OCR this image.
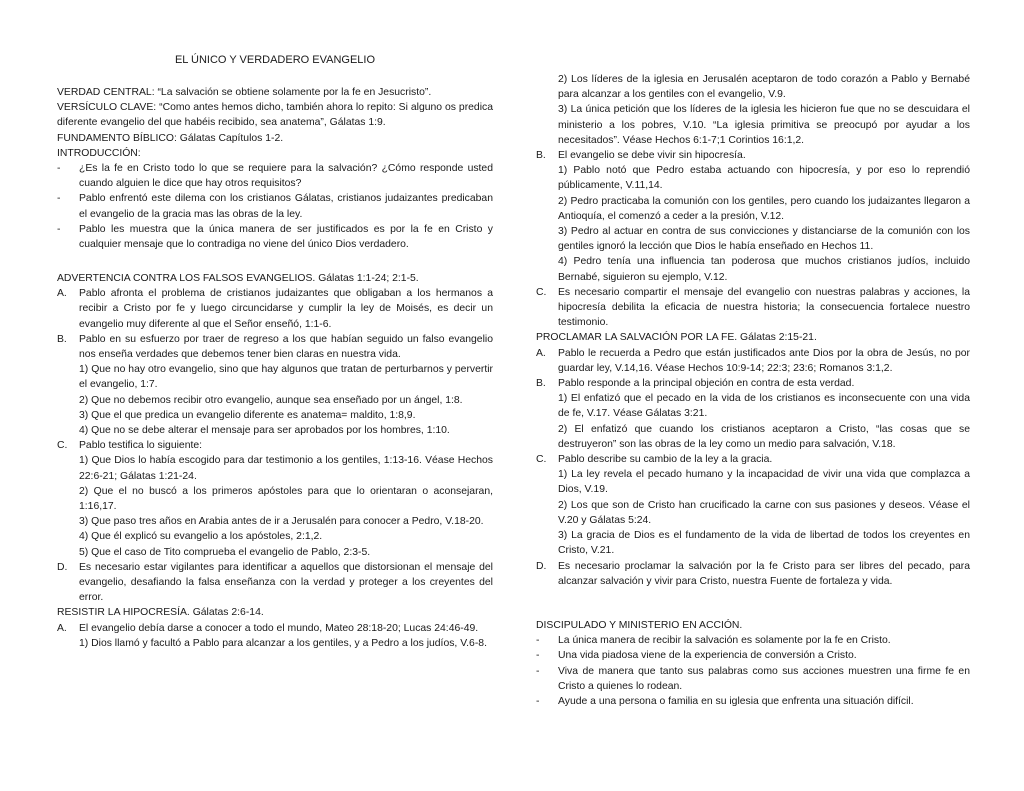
EL ÚNICO Y VERDADERO EVANGELIO

VERDAD CENTRAL: “La salvación se obtiene solamente por la fe en Jesucristo”.

VERSÍCULO CLAVE: “Como antes hemos dicho, también ahora lo repito: Si alguno os predica diferente evangelio del que habéis recibido, sea anatema”, Gálatas 1:9.

FUNDAMENTO BÍBLICO: Gálatas Capítulos 1-2.

INTRODUCCIÓN:

-	¿Es la fe en Cristo todo lo que se requiere para la salvación? ¿Cómo responde usted cuando alguien le dice que hay otros requisitos?
-	Pablo enfrentó este dilema con los cristianos Gálatas, cristianos judaizantes predicaban el evangelio de la gracia mas las obras de la ley.
-	Pablo les muestra que la única manera de ser justificados es por la fe en Cristo y cualquier mensaje que lo contradiga no viene del único Dios verdadero.

ADVERTENCIA CONTRA LOS FALSOS EVANGELIOS. Gálatas 1:1-24; 2:1-5.

A.	Pablo afronta el problema de cristianos judaizantes que obligaban a los hermanos a recibir a Cristo por fe y luego circuncidarse y cumplir la ley de Moisés, es decir un evangelio muy diferente al que el Señor enseñó, 1:1-6.
B.	Pablo en su esfuerzo por traer de regreso a los que habían seguido un falso evangelio nos enseña verdades que debemos tener bien claras en nuestra vida.

1) Que no hay otro evangelio, sino que hay algunos que tratan de perturbarnos y pervertir el evangelio, 1:7.

2) Que no debemos recibir otro evangelio, aunque sea enseñado por un ángel, 1:8.

3) Que el que predica un evangelio diferente es anatema= maldito, 1:8,9.

4) Que no se debe alterar el mensaje para ser aprobados por los hombres, 1:10.

C.	Pablo testifica lo siguiente:

1) Que Dios lo había escogido para dar testimonio a los gentiles, 1:13-16. Véase Hechos 22:6-21; Gálatas 1:21-24.

2) Que el no buscó a los primeros apóstoles para que lo orientaran o aconsejaran, 1:16,17.

3) Que paso tres años en Arabia antes de ir a Jerusalén para conocer a Pedro, V.18-20.

4) Que él explicó su evangelio a los apóstoles, 2:1,2.

5) Que el caso de Tito comprueba el evangelio de Pablo, 2:3-5.

D.	Es necesario estar vigilantes para identificar a aquellos que distorsionan el mensaje del evangelio, desafiando la falsa enseñanza con la verdad y proteger a los creyentes del error.

RESISTIR LA HIPOCRESÍA. Gálatas 2:6-14.

A.	El evangelio debía darse a conocer a todo el mundo, Mateo 28:18-20; Lucas 24:46-49.

1) Dios llamó y facultó a Pablo para alcanzar a los gentiles, y a Pedro a los judíos, V.6-8.

2) Los líderes de la iglesia en Jerusalén aceptaron de todo corazón a Pablo y Bernabé para alcanzar a los gentiles con el evangelio, V.9.

3) La única petición que los líderes de la iglesia les hicieron fue que no se descuidara el ministerio a los pobres, V.10. “La iglesia primitiva se preocupó por ayudar a los necesitados”. Véase Hechos 6:1-7;1 Corintios 16:1,2.

B.	El evangelio se debe vivir sin hipocresía.

1) Pablo notó que Pedro estaba actuando con hipocresía, y por eso lo reprendió públicamente, V.11,14.

2) Pedro practicaba la comunión con los gentiles, pero cuando los judaizantes llegaron a Antioquía, el comenzó a ceder a la presión, V.12.

3) Pedro al actuar en contra de sus convicciones y distanciarse de la comunión con los gentiles ignoró la lección que Dios le había enseñado en Hechos 11.

4) Pedro tenía una influencia tan poderosa que muchos cristianos judíos, incluido Bernabé, siguieron su ejemplo, V.12.

C.	Es necesario compartir el mensaje del evangelio con nuestras palabras y acciones, la hipocresía debilita la eficacia de nuestra historia; la consecuencia fortalece nuestro testimonio.

PROCLAMAR LA SALVACIÓN POR LA FE. Gálatas 2:15-21.

A.	Pablo le recuerda a Pedro que están justificados ante Dios por la obra de Jesús, no por guardar ley, V.14,16. Véase Hechos 10:9-14; 22:3; 23:6; Romanos 3:1,2.
B.	Pablo responde a la principal objeción en contra de esta verdad.

1) El enfatizó que el pecado en la vida de los cristianos es inconsecuente con una vida de fe, V.17. Véase Gálatas 3:21.

2) El enfatizó que cuando los cristianos aceptaron a Cristo, “las cosas que se destruyeron” son las obras de la ley como un medio para salvación, V.18.

C.	Pablo describe su cambio de la ley a la gracia.

1) La ley revela el pecado humano y la incapacidad de vivir una vida que complazca a Dios, V.19.

2) Los que son de Cristo han crucificado la carne con sus pasiones y deseos. Véase el V.20 y Gálatas 5:24.

3) La gracia de Dios es el fundamento de la vida de libertad de todos los creyentes en Cristo, V.21.

D.	Es necesario proclamar la salvación por la fe Cristo para ser libres del pecado, para alcanzar salvación y vivir para Cristo, nuestra Fuente de fortaleza y vida.

DISCIPULADO Y MINISTERIO EN ACCIÓN.

-	La única manera de recibir la salvación es solamente por la fe en Cristo.
-	Una vida piadosa viene de la experiencia de conversión a Cristo.
-	Viva de manera que tanto sus palabras como sus acciones muestren una firme fe en Cristo a quienes lo rodean.
-	Ayude a una persona o familia en su iglesia que enfrenta una situación difícil.
